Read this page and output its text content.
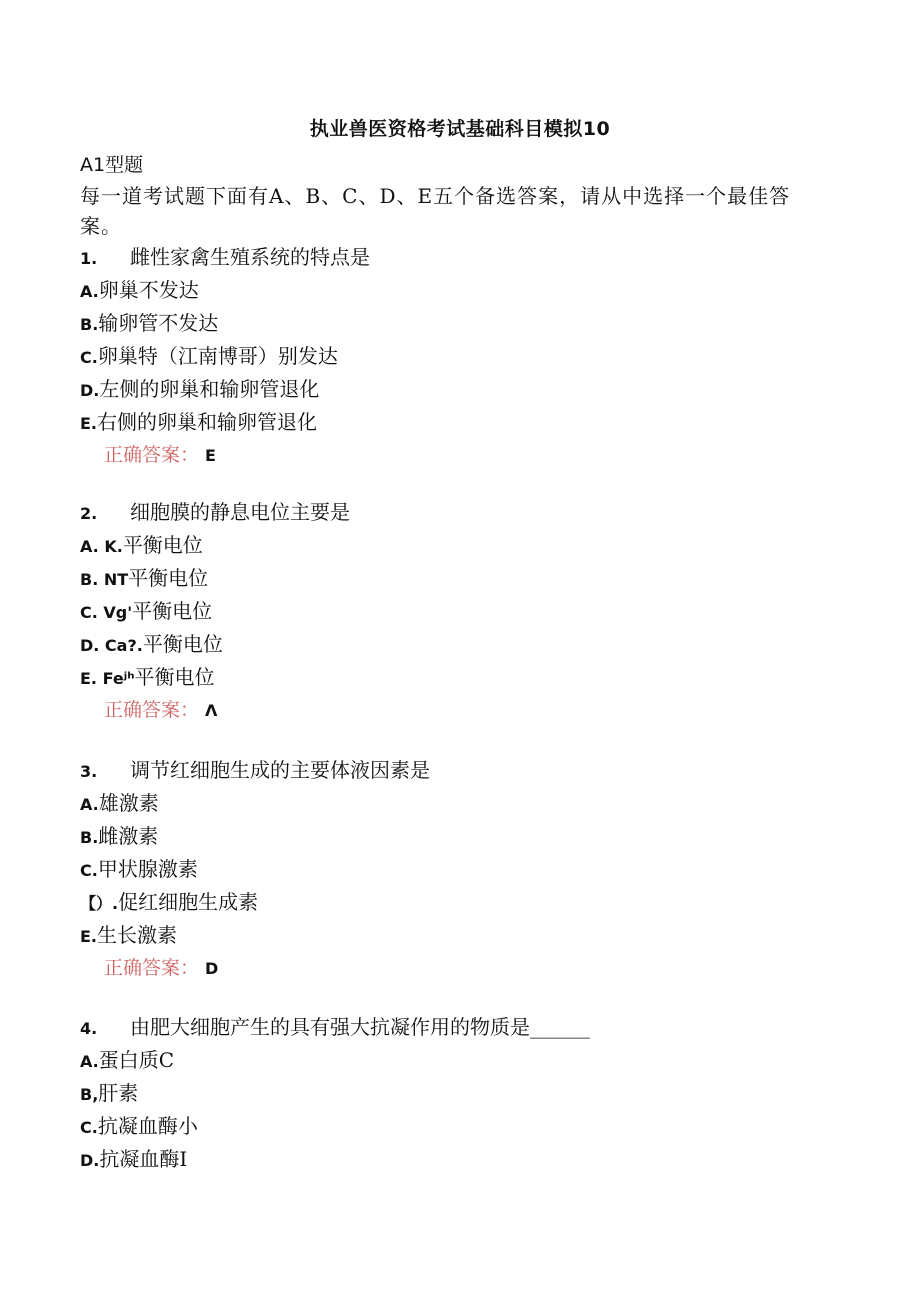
执业兽医资格考试基础科目模拟10
A1型题
每一道考试题下面有A、B、C、D、E五个备选答案，请从中选择一个最佳答案。
1. 雌性家禽生殖系统的特点是
A.卵巢不发达
B.输卵管不发达
C.卵巢特（江南博哥）别发达
D.左侧的卵巢和输卵管退化
E.右侧的卵巢和输卵管退化
正确答案： E
2. 细胞膜的静息电位主要是
A. K.平衡电位
B. NT平衡电位
C. Vg'平衡电位
D. Ca?.平衡电位
E. Feʲʰ平衡电位
正确答案： Λ
3. 调节红细胞生成的主要体液因素是
A.雄激素
B.雌激素
C.甲状腺激素
【）.促红细胞生成素
E.生长激素
正确答案： D
4. 由肥大细胞产生的具有强大抗凝作用的物质是______
A.蛋白质C
B,肝素
C.抗凝血酶小
D.抗凝血酶I
